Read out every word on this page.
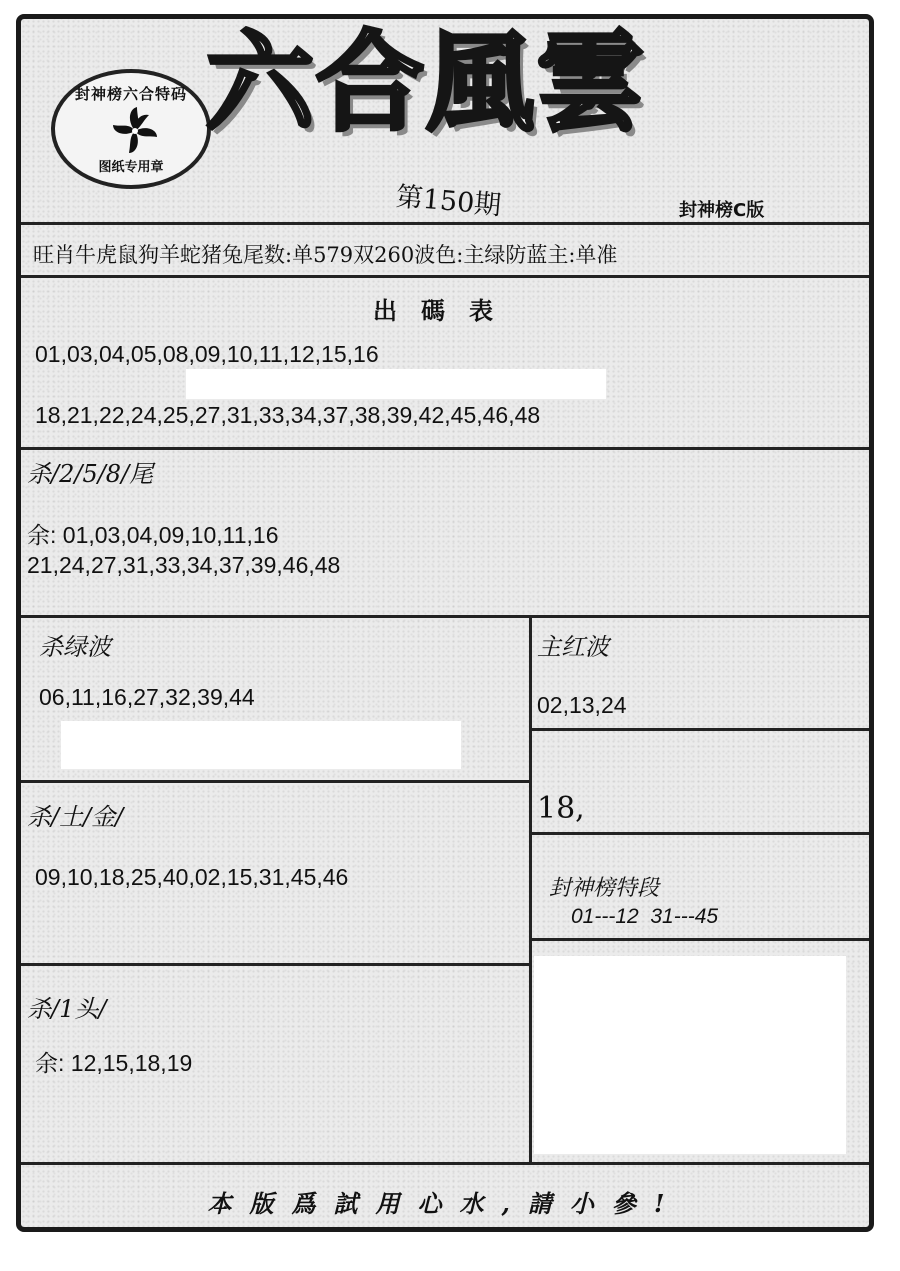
封神榜六合特码
图纸专用章
六合風雲
第150期	封神榜C版
旺肖牛虎鼠狗羊蛇猪兔尾数:单579双260波色:主绿防蓝主:单准
出碼表
01,03,04,05,08,09,10,11,12,15,16
18,21,22,24,25,27,31,33,34,37,38,39,42,45,46,48
杀/2/5/8/尾
余: 01,03,04,09,10,11,16
21,24,27,31,33,34,37,39,46,48
杀绿波
06,11,16,27,32,39,44
杀/土/金/
09,10,18,25,40,02,15,31,45,46
杀/1头/
余: 12,15,18,19
主红波
02,13,24
18,
封神榜特段
01---12  31---45
本版爲試用心水,請小參!
